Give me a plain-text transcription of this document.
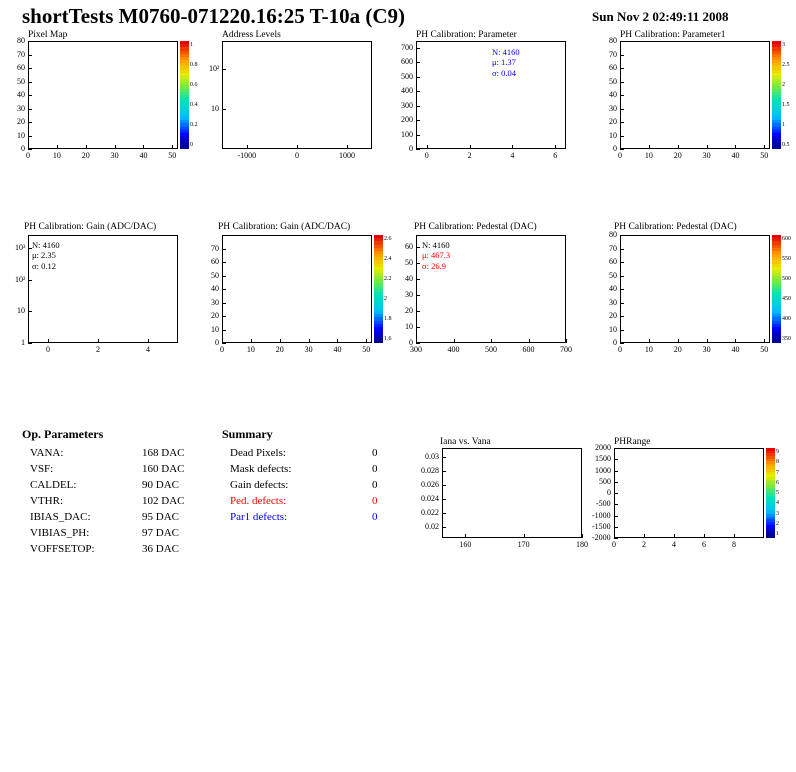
shortTests M0760-071220.16:25 T-10a (C9)	Sun Nov 2 02:49:11 2008
Pixel Map
1
0.8
0.6
0.4
0.2
0
0	10	20	30	40	50
0
10
20
30
40
50
60
70
80
Address Levels
-1000	0	1000
10
10²
PH Calibration: Parameter
N: 4160
μ: 1.37
σ: 0.04
0	2	4	6
0
100
200
300
400
500
600
700
PH Calibration: Parameter1
3
2.5
2
1.5
1
0.5
0	10	20	30	40	50
0
10
20
30
40
50
60
70
80
PH Calibration: Gain (ADC/DAC)
N: 4160
μ: 2.35
σ: 0.12
0	2	4
1
10
10²
10³
PH Calibration: Gain (ADC/DAC)
2.6
2.4
2.2
2
1.8
1.6
0	10	20	30	40	50
0
10
20
30
40
50
60
70
PH Calibration: Pedestal (DAC)
N: 4160
μ: 467.3
σ: 26.9
300	400	500	600	700
0
10
20
30
40
50
60
PH Calibration: Pedestal (DAC)
600
550
500
450
400
350
0	10	20	30	40	50
0
10
20
30
40
50
60
70
80
Op. Parameters
VANA:	168 DAC
VSF:	160 DAC
CALDEL:	90 DAC
VTHR:	102 DAC
IBIAS_DAC:	95 DAC
VIBIAS_PH:	97 DAC
VOFFSETOP:	36 DAC
Summary
Dead Pixels:	0
Mask defects:	0
Gain defects:	0
Ped. defects:	0
Par1 defects:	0
Iana vs. Vana
160	170	180
0.02
0.022
0.024
0.026
0.028
0.03
PHRange
9
8
7
6
5
4
3
2
1
0	2	4	6	8
2000
1500
1000
500
0
-500
-1000
-1500
-2000
